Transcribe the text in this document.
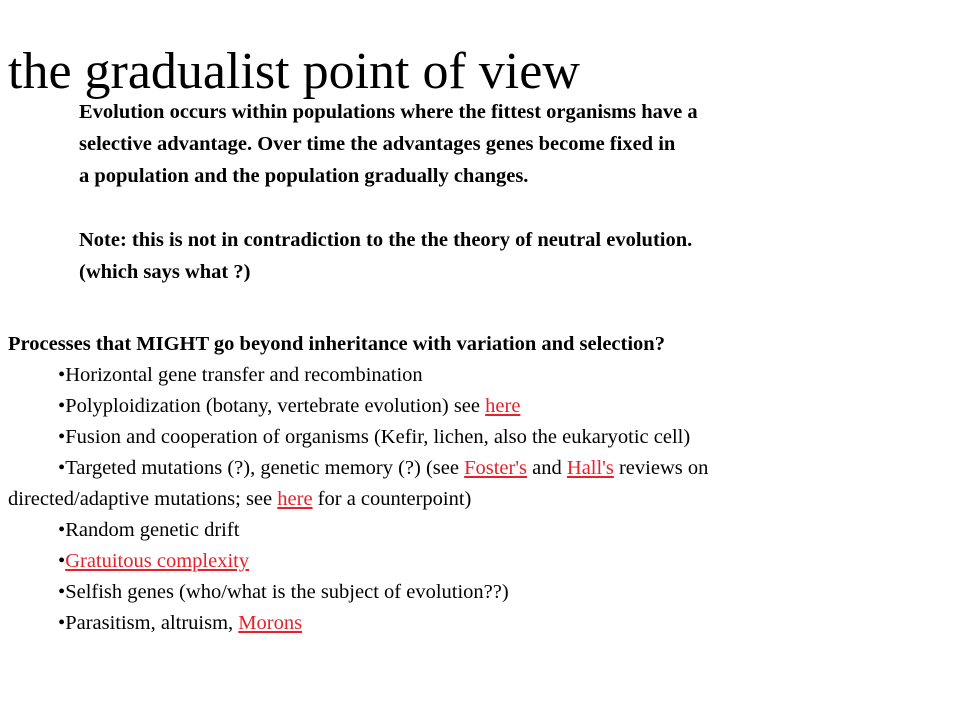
the gradualist point of view

Evolution occurs within populations where the fittest organisms have a

selective advantage. Over time the advantages genes become fixed in

a population and the population gradually changes.

Note: this is not in contradiction to the the theory of neutral evolution.

(which says what ?)

Processes that MIGHT go beyond inheritance with variation and selection?
•Horizontal gene transfer and recombination
•Polyploidization (botany, vertebrate evolution) see here
•Fusion and cooperation of organisms (Kefir, lichen, also the eukaryotic cell)
•Targeted mutations (?), genetic memory (?) (see Foster's and Hall's reviews on
directed/adaptive mutations; see here for a counterpoint)
•Random genetic drift
•Gratuitous complexity
•Selfish genes (who/what is the subject of evolution??)
•Parasitism, altruism, Morons
